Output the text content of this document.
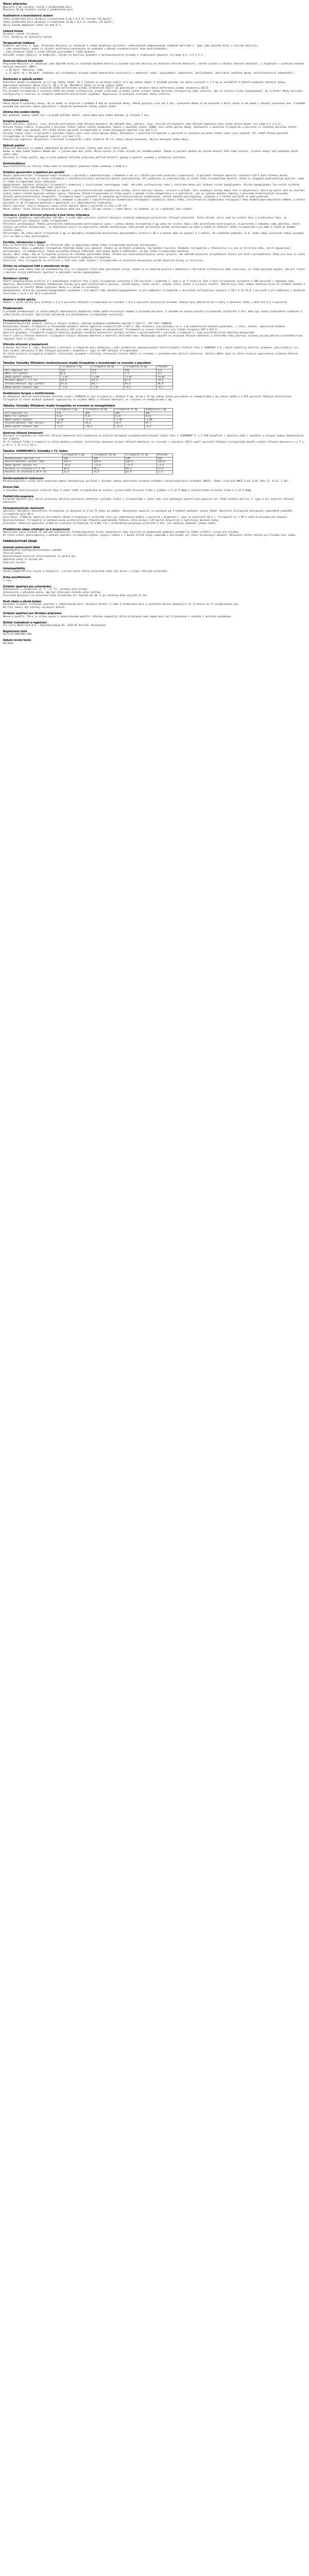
Název přípravku
Mounjaro 5 mg injekční roztok v předplněném peru
Mounjaro 10 mg injekční roztok v předplněném peru
Kvalitativní a kvantitativní složení
Jedno předplněné pero obsahuje tirzepatidum 5 mg v 0,5 ml roztoku (10 mg/ml).
Jedno předplněné pero obsahuje tirzepatidum 10 mg v 0,5 ml roztoku (20 mg/ml).
Úplný seznam pomocných látek viz bod 6.1.
Léková forma
Injekční roztok (injekce).
Čirý, bezbarvý až nažloutlý roztok.
Terapeutické indikace
Diabetes mellitus 2. typu. Přípravek Mounjaro je indikován k léčbě dospělých pacientů s nedostatečně kompenzovaným diabetem mellitem 2. typu jako doplněk diety a fyzické aktivity:
- jako monoterapie, pokud je užívání metforminu považováno za nevhodné z důvodu nesnášenlivosti nebo kontraindikací,
- jako přídavná léčba k jiným léčivým přípravkům k léčbě diabetu.
Výsledky studií týkající se kombinací, účinku na kontrolu glykemie a kardiovaskulární příhody a studovaných populací viz body 4.4, 4.5 a 5.1.
Kontrola tělesné hmotnosti
Přípravek Mounjaro je indikován jako doplněk diety se sníženým obsahem kalorií a zvýšené fyzické aktivity ke kontrole tělesné hmotnosti, včetně snížení a udržení tělesné hmotnosti, u dospělých s výchozím indexem tělesné hmotnosti (BMI):
- ≥ 30 kg/m² (obezita), nebo
- ≥ 27 kg/m² až < 30 kg/m² (nadváha) při přítomnosti alespoň jedné komorbidity související s hmotností (např. dysglykemie, hypertenze, dyslipidemie, obstrukční spánková apnoe, kardiovaskulární onemocnění).
Dávkování a způsob podání
Počáteční dávka tirzepatidu je 2,5 mg jednou týdně. Po 4 týdnech se má dávka zvýšit na 5 mg jednou týdně. V případě potřeby lze dávku zvyšovat o 2,5 mg po minimálně 4 týdnech podávání aktuální dávky.
Doporučené udržovací dávky jsou 5, 10 a 15 mg. Maximální dávka je 15 mg jednou týdně.
Při přidání tirzepatidu k současné léčbě metforminem a/nebo inhibitorem SGLT2 lze pokračovat v aktuální dávce metforminu a/nebo inhibitoru SGLT2.
Při přidání tirzepatidu k současné léčbě derivátem sulfonylurey a/nebo inzulinem je možné zvážit snížení dávky derivátu sulfonylurey nebo inzulinu, aby se snížilo riziko hypoglykemie. Ke zjištění dávky derivátu sulfonylurey a inzulinu je nezbytné samostatné monitorování glykemie. Doporučuje se postupné snižování dávky inzulinu.
Vynechané dávky
Pokud dojde k vynechání dávky, má se podat co nejdříve v průběhu 4 dnů od vynechané dávky. Pokud uplynuly více než 4 dny, vynechaná dávka se má vynechat a další dávka se má podat v obvyklý plánovaný den. V každém případě pak pacienti mohou pokračovat v obvyklém dávkovacím režimu jednou týdně.
Změna dne podání dávky
Den podávání jednou týdně lze v případě potřeby změnit, pokud doba mezi dvěma dávkami je alespoň 3 dny.
Zvláštní populace
Starší pacienti, pohlaví, rasa, etnická příslušnost nebo tělesná hmotnost: Na základě věku, pohlaví, rasy, etnické příslušnosti nebo tělesné hmotnosti není nutná úprava dávky (viz body 5.1 a 5.2).
Porucha funkce ledvin: U pacientů s poruchou funkce ledvin včetně onemocnění ledvin v konečném stadiu (ESRD) není nutná úprava dávky. Zkušenosti s použitím tirzepatidu u pacientů se závažnou poruchou funkce ledvin a ESRD jsou omezené. Při léčbě těchto pacientů tirzepatidem je třeba postupovat opatrně (viz bod 5.2).
Porucha funkce jater: U pacientů s poruchou funkce jater není nutná úprava dávky. Zkušenosti s použitím tirzepatidu u pacientů se závažnou poruchou funkce jater jsou omezené. Při léčbě těchto pacientů tirzepatidem je třeba postupovat opatrně (viz bod 5.2).
Pediatrická populace: Bezpečnost a účinnost tirzepatidu u dětí mladších 18 let nebyla dosud stanovena. Nejsou dostupné žádné údaje.
Způsob podání
Přípravek Mounjaro se podává subkutánně do oblasti břicha, stehna nebo horní části paže.
Dávka se může podat kdykoli během dne, s jídlem nebo bez jídla. Místa vpichu je třeba střídat při každém podání. Pokud si pacient podává do stejné oblasti těla také inzulin, injekce nemají být podávány těsně vedle sebe.
Pacienty je třeba poučit, aby si před podáním léčivého přípravku pečlivě přečetli pokyny k použití uvedené v příbalové informaci.
Kontraindikace
Hypersenzitivita na léčivou látku nebo na kteroukoli pomocnou látku uvedenou v bodě 6.1.
Zvláštní upozornění a opatření pro použití
Akutní pankreatitida: Tirzepatid nebyl studován u pacientů s pankreatitidou v anamnéze a má se u těchto pacientů používat s opatrností. U pacientů léčených agonisty receptoru GLP-1 byla hlášena akutní pankreatitida. Pacienty je nutné informovat o charakteristických příznacích akutní pankreatitidy. Při podezření na pankreatitidu je nutné léčbu tirzepatidem ukončit. Pokud se diagnóza pankreatitidy potvrdí, nemá se léčba tirzepatidem znovu zahajovat.
Hypoglykemie: Pacienti užívající tirzepatid v kombinaci s inzulinovými sekretagogy (např. deriváty sulfonylurey) nebo s inzulinem mohou mít zvýšené riziko hypoglykemie. Riziko hypoglykemie lze snížit snížením dávky inzulinového sekretagogu nebo inzulinu.
Gastrointestinální účinky: Tirzepatid je spojen s gastrointestinálními nežádoucími účinky, které zahrnují nauzeu, zvracení a průjem. Tyto nežádoucí účinky mohou vést k dehydrataci, která by mohla vést ke zhoršení funkce ledvin včetně akutního selhání ledvin. Pacienty léčené tirzepatidem je třeba poučit o možném riziku dehydratace a o opatřeních, jak se vyhnout deplěci tekutin a poruchám elektrolytové rovnováhy.
Závažné gastrointestinální onemocnění: Tirzepatid nebyl u pacientů se závažným gastrointestinálním onemocněním, včetně závažné gastroparézy, studován a u těchto pacientů se nemá používat.
Diabetická retinopatie: Tirzepatid nebyl studován u pacientů s neproliferativní diabetickou retinopatií vyžadující akutní léčbu, proliferativní diabetickou retinopatií nebo diabetickým makulárním edémem. U těchto pacientů se má tirzepatid používat s opatrností a s odpovídajícím sledováním.
Starší pacienti: Jsou k dispozici pouze velmi omezené údaje u pacientů ve věku ≥ 85 let.
Obsah sodíku: Tento léčivý přípravek obsahuje méně než 1 mmol (23 mg) sodíku v jedné dávce, to znamená, že je v podstatě „bez sodíku“.
Interakce s jinými léčivými přípravky a jiné formy interakce
Tirzepatid zpomaluje vyprazdňování žaludku, a proto může ovlivnit rychlost absorpce současně podávaných perorálních léčivých přípravků. Tento účinek, který vede ke snížení Cmax a prodloužení tmax, je nejvýraznější při zahájení léčby tirzepatidem.
Perorální antikoncepce: Podání perorálního kombinovaného kontraceptiva spolu s jednou dávkou tirzepatidu 5 mg vedlo ke snížení Cmax a AUC perorálního kontraceptiva. U pacientek s nadváhou nebo obezitou, které užívají perorální antikoncepci, se doporučuje přejít na neperorální metodu antikoncepce nebo přidat bariérovou metodu antikoncepce po dobu 4 týdnů po zahájení léčby tirzepatidem a po dobu 4 týdnů po každém zvýšení dávky.
Paracetamol: Po jedné dávce tirzepatidu 5 mg se maximální plazmatická koncentrace paracetamolu snížila o 50 % a medián tmax se opozdil o 1 hodinu. Po souběžném podávání ve 4. týdnu nebyl pozorován žádný významný vliv na Cmax a tmax paracetamolu.
Fertilita, těhotenství a kojení
Ženy ve fertilním věku: Ženám ve fertilním věku se doporučuje během léčby tirzepatidem používat antikoncepci.
Těhotenství: Údaje o podávání tirzepatidu těhotným ženám jsou omezené. Studie na zvířatech prokázaly reprodukční toxicitu. Podávání tirzepatidu v těhotenství a u žen ve fertilním věku, které nepoužívají antikoncepci, se nedoporučuje. Pokud pacientka plánuje otěhotnět nebo pokud dojde k otěhotnění, má být léčba tirzepatidem ukončena.
Kojení: Není známo, zda se tirzepatid vylučuje do lidského mateřského mléka. Riziko pro novorozence/kojence nelze vyloučit. Na základě posouzení prospěšnosti kojení pro dítě a prospěšnosti léčby pro ženu je nutno rozhodnout, zda přerušit kojení, nebo ukončit/přerušit podávání tirzepatidu.
Fertilita: Vliv tirzepatidu na fertilitu u lidí není znám. Studie s tirzepatidem na zvířatech nenaznačují přímé škodlivé účinky na fertilitu.
Účinky na schopnost řídit a obsluhovat stroje
Tirzepatid nemá žádný nebo má zanedbatelný vliv na schopnost řídit nebo obsluhovat stroje. Pokud se tirzepatid používá v kombinaci s derivátem sulfonylurey nebo inzulinem, je třeba pacienty poučit, aby při řízení a obsluze strojů dodržovali opatření k zabránění vzniku hypoglykemie.
Nežádoucí účinky
Souhrn bezpečnostního profilu: V 7 dokončených studiích fáze 3 bylo tirzepatidu vystaveno 5 119 pacientů s diabetem 2. typu a ve 4 studiích fáze 3 bylo tirzepatidu vystaveno 4 200 pacientů s nadváhou nebo obezitou. Nejčastěji hlášenými nežádoucími účinky byly gastrointestinální poruchy, včetně nauzey (velmi časté), průjmu (velmi časté) a zvracení (časté). Obecně byly tyto reakce většinou mírné až středně závažné a vyskytovaly se častěji během zvyšování dávky a s časem se snižovaly.
Hypoglykemie: Klinicky významná hypoglykemie (glykemie < 3,0 mmol/l nebo závažná hypoglykemie) se při kombinaci tirzepatidu s derivátem sulfonylurey vyskytla u 10,1 % až 14,0 % pacientů a při kombinaci s bazálním inzulinem u 14,0 % až 19,3 % pacientů.
Reakce v místě vpichu
Reakce v místě vpichu byly hlášeny u 3,2 % pacientů léčených tirzepatidem ve srovnání s 0,4 % pacientů užívajících placebo. Reakce byly obecně mírné a vedly k ukončení léčby u méně než 0,1 % pacientů.
Předávkování
V případě předávkování je nutné zahájit odpovídající podpůrnou léčbu podle klinických známek a příznaků pacienta. S ohledem na dlouhý poločas tirzepatidu (přibližně 5 dní) může být nutné prodloužené sledování a léčba těchto příznaků. Specifické antidotum pro předávkování tirzepatidem neexistuje.
Farmakodynamické vlastnosti
Farmakoterapeutická skupina: Léčiva k terapii diabetu, analoga glukagonu podobného peptidu 1 (GLP-1), ATC kód: A10BX16.
Mechanismus účinku: Tirzepatid je dlouhodobě působící duální agonista receptorů GIP a GLP-1. Oba receptory jsou přítomny na α- a β-endokrinních buňkách pankreatu, v srdci, cévách, imunitních buňkách (leukocytech), střevech a ledvinách. Receptory GIP jsou také přítomny na adipocytech. Tirzepatid je vysoce selektivní pro lidské receptory GIP a GLP-1.
Kontrola glykemie: Tirzepatid zlepšuje kontrolu glykemie snížením koncentrací glukózy nalačno a postprandiálně u pacientů s diabetem 2. typu prostřednictvím několika mechanismů.
Chuť k jídlu a tělesná hmotnost: Tirzepatid snižuje tělesnou hmotnost a množství tělesného tuku. Mechanismy spojené se snížením tělesné hmotnosti a tělesného tuku zahrnují snížený příjem potravy prostřednictvím regulace chuti k jídlu.
Klinická účinnost a bezpečnost
Diabetes mellitus 2. typu: Bezpečnost a účinnost tirzepatidu byly hodnoceny v pěti globálních randomizovaných kontrolovaných studiích fáze 3 (SURPASS 1–5), které hodnotily kontrolu glykemie jako primární cíl. Tyto studie zahrnovaly 6 263 léčených pacientů s diabetem 2. typu (4 199 léčených tirzepatidem).
Ve všech studiích tirzepatid prokázal statisticky významné a klinicky relevantní snížení HbA1c ve srovnání s placebem nebo aktivní kontrolou. Snížení HbA1c bylo ve všech studiích doprovázeno snížením tělesné hmotnosti.
Tabulka: Výsledky 40týdenní randomizované studie tirzepatidu v monoterapii ve srovnání s placebem
	Tirzepatid 5 mg	Tirzepatid 10 mg	Tirzepatid 15 mg	Placebo
mITT populace (n)	121	121	120	113
HbA1c (%) výchozí	8,0	7,9	7,9	8,1
Změna oproti výchozí	-1,87	-1,89	-2,07	+0,04
Pacienti HbA1c < 7 % (%)	86,8	91,5	87,9	19,6
Tělesná hmotnost (kg) výchozí	87,0	85,7	85,9	84,4
Změna oproti výchozí (kg)	-7,0	-7,8	-9,5	-0,7
Kombinační terapie s metforminem
Ve 40týdenní aktivně kontrolované otevřené studii (SURPASS-2) byl tirzepatid v dávkách 5 mg, 10 mg a 15 mg jednou týdně porovnáván se semaglutidem 1 mg jednou týdně u 1 879 pacientů léčených metforminem.
Tirzepatid ve všech dávkách prokázal superioritu ve snížení HbA1c a tělesné hmotnosti ve srovnání se semaglutidem 1 mg.
Tabulka: Výsledky 40týdenní studie tirzepatidu ve srovnání se semaglutidem
	Tirzepatid 5 mg	Tirzepatid 10 mg	Tirzepatid 15 mg	Semaglutid 1 mg
mITT populace (n)	470	469	469	468
HbA1c (%) výchozí	8,33	8,31	8,25	8,24
Změna oproti výchozí	-2,09	-2,37	-2,46	-1,86
Tělesná hmotnost (kg) výchozí	92,5	94,8	93,8	93,7
Změna oproti výchozí (kg)	-7,8	-10,3	-12,4	-6,2
Kontrola tělesné hmotnosti
Účinnost tirzepatidu při kontrole tělesné hmotnosti byla hodnocena ve dvojitě zaslepené placebem kontrolované studii fáze 3 (SURMOUNT-1) u 2 539 dospělých s obezitou nebo s nadváhou a alespoň jednou komorbiditou bez diabetu.
Po 72 týdnech léčby tirzepatid ve všech dávkách prokázal statisticky významné snížení tělesné hmotnosti ve srovnání s placebem. Větší podíl pacientů léčených tirzepatidem dosáhl snížení tělesné hmotnosti o ≥ 5 %, ≥ 10 %, ≥ 15 % a ≥ 20 %.
Tabulka: SURMOUNT-1: Výsledky v 72. týdnu
	Tirzepatid 5 mg	Tirzepatid 10 mg	Tirzepatid 15 mg	Placebo
Randomizovaní pacienti (n)	630	636	630	643
Tělesná hmotnost výchozí (kg)	102,9	105,8	105,6	104,8
Změna oproti výchozí (%)	-16,0	-21,4	-22,5	-2,4
Pacienti se snížením ≥ 5 % (%)	89,4	96,2	96,3	27,9
Pacienti se snížením ≥ 20 % (%)	31,6	55,5	62,9	1,3
Kardiovaskulární hodnocení
Kardiovaskulární riziko bylo hodnoceno pomocí metaanalýzy pacientů s alespoň jednou potvrzenou závažnou nežádoucí kardiovaskulární příhodou (MACE). Poměr rizik pro MACE-4 byl 0,81 (95% CI: 0,52; 1,26).
Krevní tlak
V placebem kontrolovaných studiích fáze 3 vedla léčba tirzepatidem ke snížení systolického krevního tlaku v průměru o 6 až 9 mmHg a diastolického krevního tlaku o 3 až 4 mmHg.
Pediatrická populace
Evropská agentura pro léčivé přípravky odložila povinnost předložit výsledky studií s tirzepatidem u jedné nebo více podskupin pediatrické populace při léčbě diabetu mellitu 2. typu a při kontrole tělesné hmotnosti.
Farmakokinetické vlastnosti
Absorpce: Maximální koncentrace tirzepatidu je dosaženo za 8 až 72 hodin po podání. Rovnovážné expozice je dosaženo po 4 týdnech podávání jednou týdně. Absolutní biologická dostupnost subkutánně podaného tirzepatidu byla 80 %.
Distribuce: Průměrný zdánlivý distribuční objem tirzepatidu v ustáleném stavu po subkutánním podání u pacientů s diabetem 2. typu je přibližně 10,3 l. Tirzepatid se z 99 % váže na plazmatický albumin.
Biotransformace: Tirzepatid je metabolizován proteolytickým štěpením peptidového řetězce, beta-oxidací C20 mastné dikyseliny a hydrolýzou amidové vazby.
Eliminace: Zdánlivá populační průměrná clearance tirzepatidu je 0,061 l/h s eliminačním poločasem přibližně 5 dní, což umožňuje podávání jednou týdně.
Předklinické údaje vztahující se k bezpečnosti
Neklinické údaje získané na základě konvenčních farmakologických studií bezpečnosti nebo toxicity po opakovaném podávání neodhalily žádné zvláštní riziko pro člověka.
Ve 2leté studii kancerogenity u potkanů způsobil tirzepatid zvýšení výskytu tumorů z C-buněk štítné žlázy (adenomů a karcinomů) při všech testovaných dávkách. Relevance těchto nálezů pro člověka není známa.
FARMACEUTICKÉ ÚDAJE
Seznam pomocných látek
Dodekahydrát hydrogenfosforečnanu sodného
Chlorid sodný
Koncentrovaná kyselina chlorovodíková (k úpravě pH)
Hydroxid sodný (k úpravě pH)
Voda pro injekci
Inkompatibility
Studie kompatibility nejsou k dispozici, a proto tento léčivý přípravek nesmí být mísen s jinými léčivými přípravky.
Doba použitelnosti
2 roky
Zvláštní opatření pro uchovávání
Uchovávejte v chladničce (2 °C – 8 °C). Chraňte před mrazem.
Uchovávejte v původním obalu, aby byl přípravek chráněn před světlem.
Přípravek Mounjaro lze uchovávat mimo chladničku při teplotě do 30 °C po celkovou dobu nejvýše 21 dní.
Druh obalu a obsah balení
Skleněná injekční stříkačka uzavřená v jednorázovém peru. Velikost balení: 2 nebo 4 předplněná pera a vícečetné balení obsahující 12 (3 balení po 4) předplněných per.
Na trhu nemusí být všechny velikosti balení.
Zvláštní opatření pro likvidaci přípravku
Návod k použití: Pero je určeno pouze k jednorázovému použití. Všechen nepoužitý léčivý přípravek nebo odpad musí být zlikvidován v souladu s místními požadavky.
Držitel rozhodnutí o registraci
Eli Lilly Nederland B.V., Papendorpseweg 83, 3528 BJ Utrecht, Nizozemsko
Registrační číslo
EU/1/22/1685/001-004
Datum revize textu
09/2024
